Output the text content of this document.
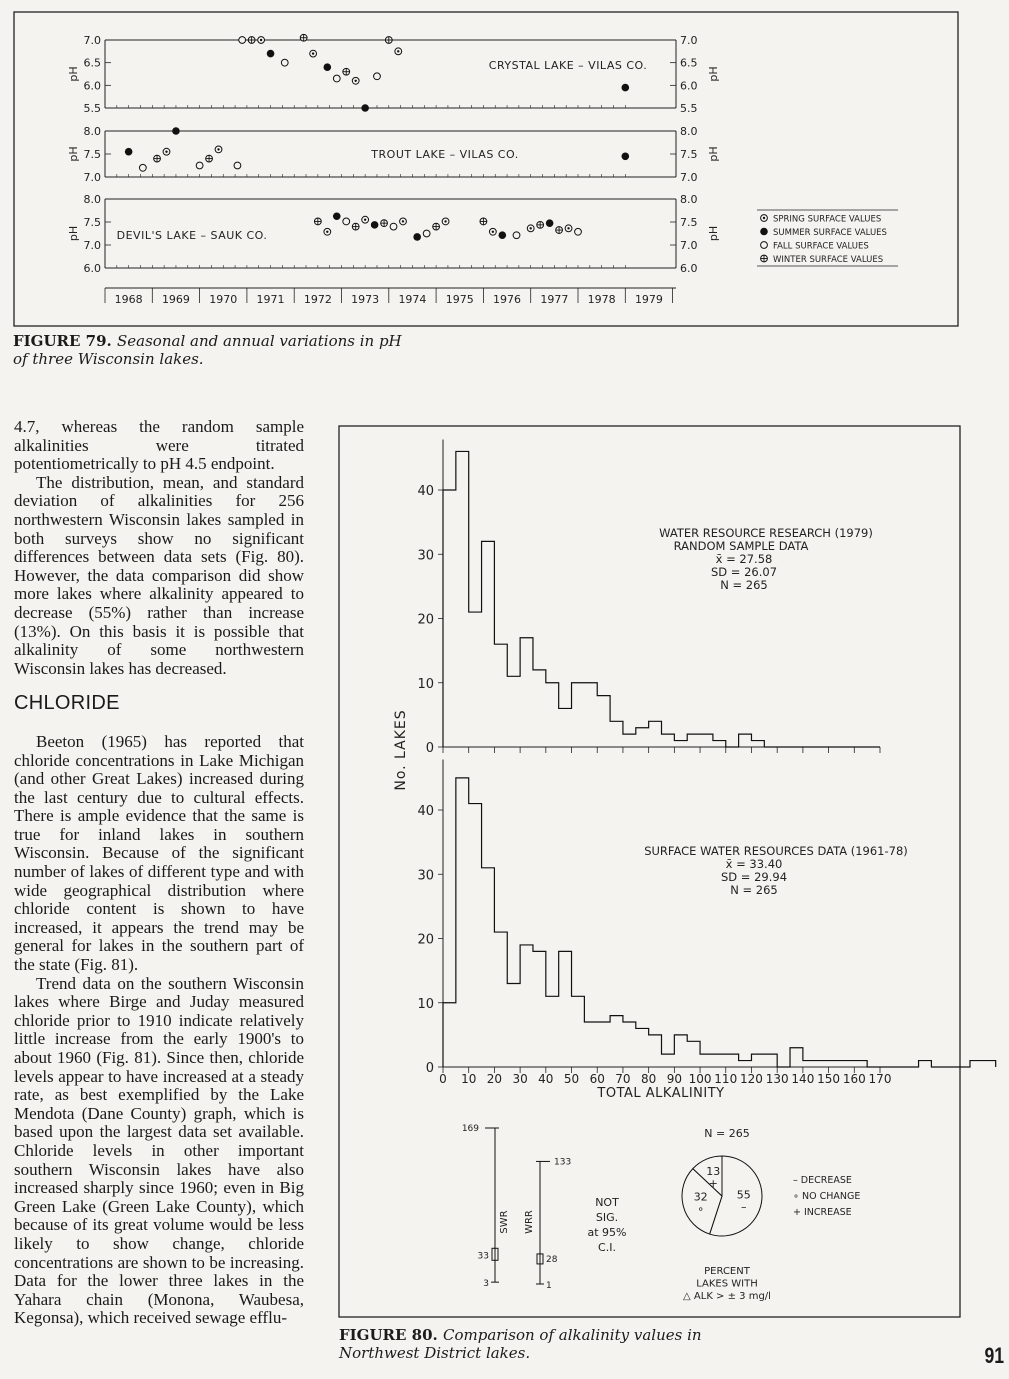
7.0	7.0
6.5	6.5
6.0	6.0
5.5	5.5
pH	pH
CRYSTAL LAKE – VILAS CO.
8.0	8.0
7.5	7.5
7.0	7.0
pH	pH
TROUT LAKE – VILAS CO.
8.0	8.0
7.5	7.5
7.0	7.0
6.0	6.0
pH	pH
DEVIL'S LAKE – SAUK CO.
1968 1969 1970 1971 1972 1973 1974 1975 1976 1977 1978 1979
SPRING SURFACE VALUES
SUMMER SURFACE VALUES
FALL SURFACE VALUES
WINTER SURFACE VALUES
FIGURE 79. Seasonal and annual variations in pH of three Wisconsin lakes.

4.7, whereas the random sample alkalinities were titrated potentiometrically to pH 4.5 endpoint.

The distribution, mean, and standard deviation of alkalinities for 256 northwestern Wisconsin lakes sampled in both surveys show no significant differences between data sets (Fig. 80). However, the data comparison did show more lakes where alkalinity appeared to decrease (55%) rather than increase (13%). On this basis it is possible that alkalinity of some northwestern Wisconsin lakes has decreased.

CHLORIDE

Beeton (1965) has reported that chloride concentrations in Lake Michigan (and other Great Lakes) increased during the last century due to cultural effects. There is ample evidence that the same is true for inland lakes in southern Wisconsin. Because of the significant number of lakes of different type and with wide geographical distribution where chloride content is shown to have increased, it appears the trend may be general for lakes in the southern part of the state (Fig. 81).

Trend data on the southern Wisconsin lakes where Birge and Juday measured chloride prior to 1910 indicate relatively little increase from the early 1900's to about 1960 (Fig. 81). Since then, chloride levels appear to have increased at a steady rate, as best exemplified by the Lake Mendota (Dane County) graph, which is based upon the largest data set available. Chloride levels in other important southern Wisconsin lakes have also increased sharply since 1960; even in Big Green Lake (Green Lake County), which because of its great volume would be less likely to show change, chloride concentrations are shown to be increasing. Data for the lower three lakes in the Yahara chain (Monona, Waubesa, Kegonsa), which received sewage efflu-

0
10
20
30
40
WATER RESOURCE RESEARCH (1979)
RANDOM SAMPLE DATA
x̄ = 27.58
SD = 26.07
N = 265
0
10
20
30
40
SURFACE WATER RESOURCES DATA (1961-78)
x̄ = 33.40
SD = 29.94
N = 265
0 10 20 30 40 50 60 70 80 90 100 110 120 130 140 150 160 170
TOTAL ALKALINITY
No. LAKES
169
33
3
SWR
133
28
1
WRR
NOT
SIG.
at 95%
C.I.
N = 265
55
–
32
∘
13
+	– DECREASE
∘ NO CHANGE
+ INCREASE
PERCENT
LAKES WITH
△ ALK > ± 3 mg/l
FIGURE 80. Comparison of alkalinity values in Northwest District lakes.	91
